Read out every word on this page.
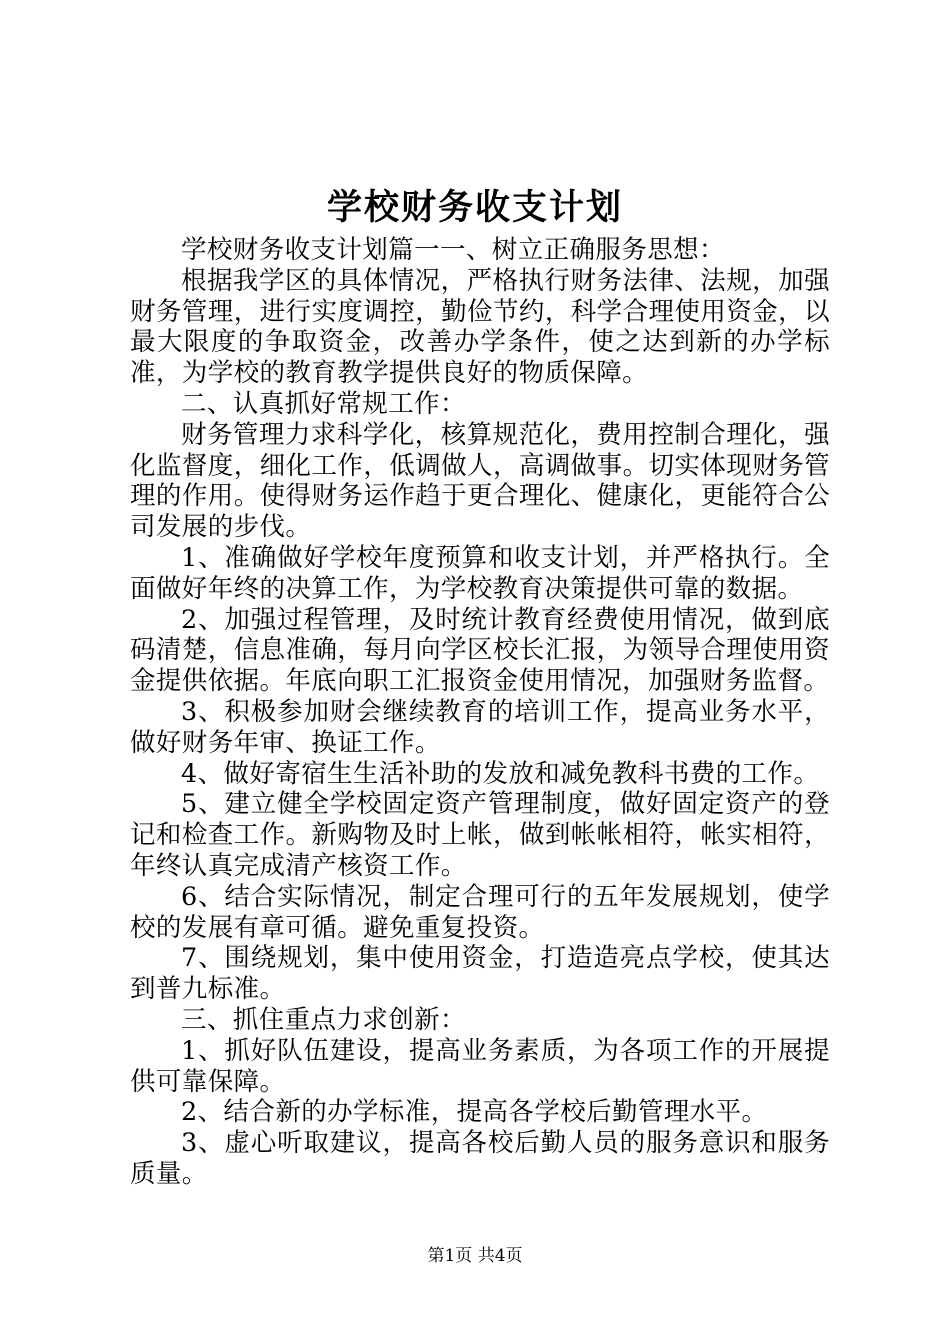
学校财务收支计划

学校财务收支计划篇一一、树立正确服务思想：

根据我学区的具体情况，严格执行财务法律、法规，加强财务管理，进行实度调控，勤俭节约，科学合理使用资金，以最大限度的争取资金，改善办学条件，使之达到新的办学标准，为学校的教育教学提供良好的物质保障。

二、认真抓好常规工作：

财务管理力求科学化，核算规范化，费用控制合理化，强化监督度，细化工作，低调做人，高调做事。切实体现财务管理的作用。使得财务运作趋于更合理化、健康化，更能符合公司发展的步伐。

1、准确做好学校年度预算和收支计划，并严格执行。全面做好年终的决算工作，为学校教育决策提供可靠的数据。

2、加强过程管理，及时统计教育经费使用情况，做到底码清楚，信息准确，每月向学区校长汇报，为领导合理使用资金提供依据。年底向职工汇报资金使用情况，加强财务监督。

3、积极参加财会继续教育的培训工作，提高业务水平，做好财务年审、换证工作。

4、做好寄宿生生活补助的发放和减免教科书费的工作。

5、建立健全学校固定资产管理制度，做好固定资产的登记和检查工作。新购物及时上帐，做到帐帐相符，帐实相符，年终认真完成清产核资工作。

6、结合实际情况，制定合理可行的五年发展规划，使学校的发展有章可循。避免重复投资。

7、围绕规划，集中使用资金，打造造亮点学校，使其达到普九标准。

三、抓住重点力求创新：

1、抓好队伍建设，提高业务素质，为各项工作的开展提供可靠保障。

2、结合新的办学标准，提高各学校后勤管理水平。

3、虚心听取建议，提高各校后勤人员的服务意识和服务质量。

第1页 共4页
